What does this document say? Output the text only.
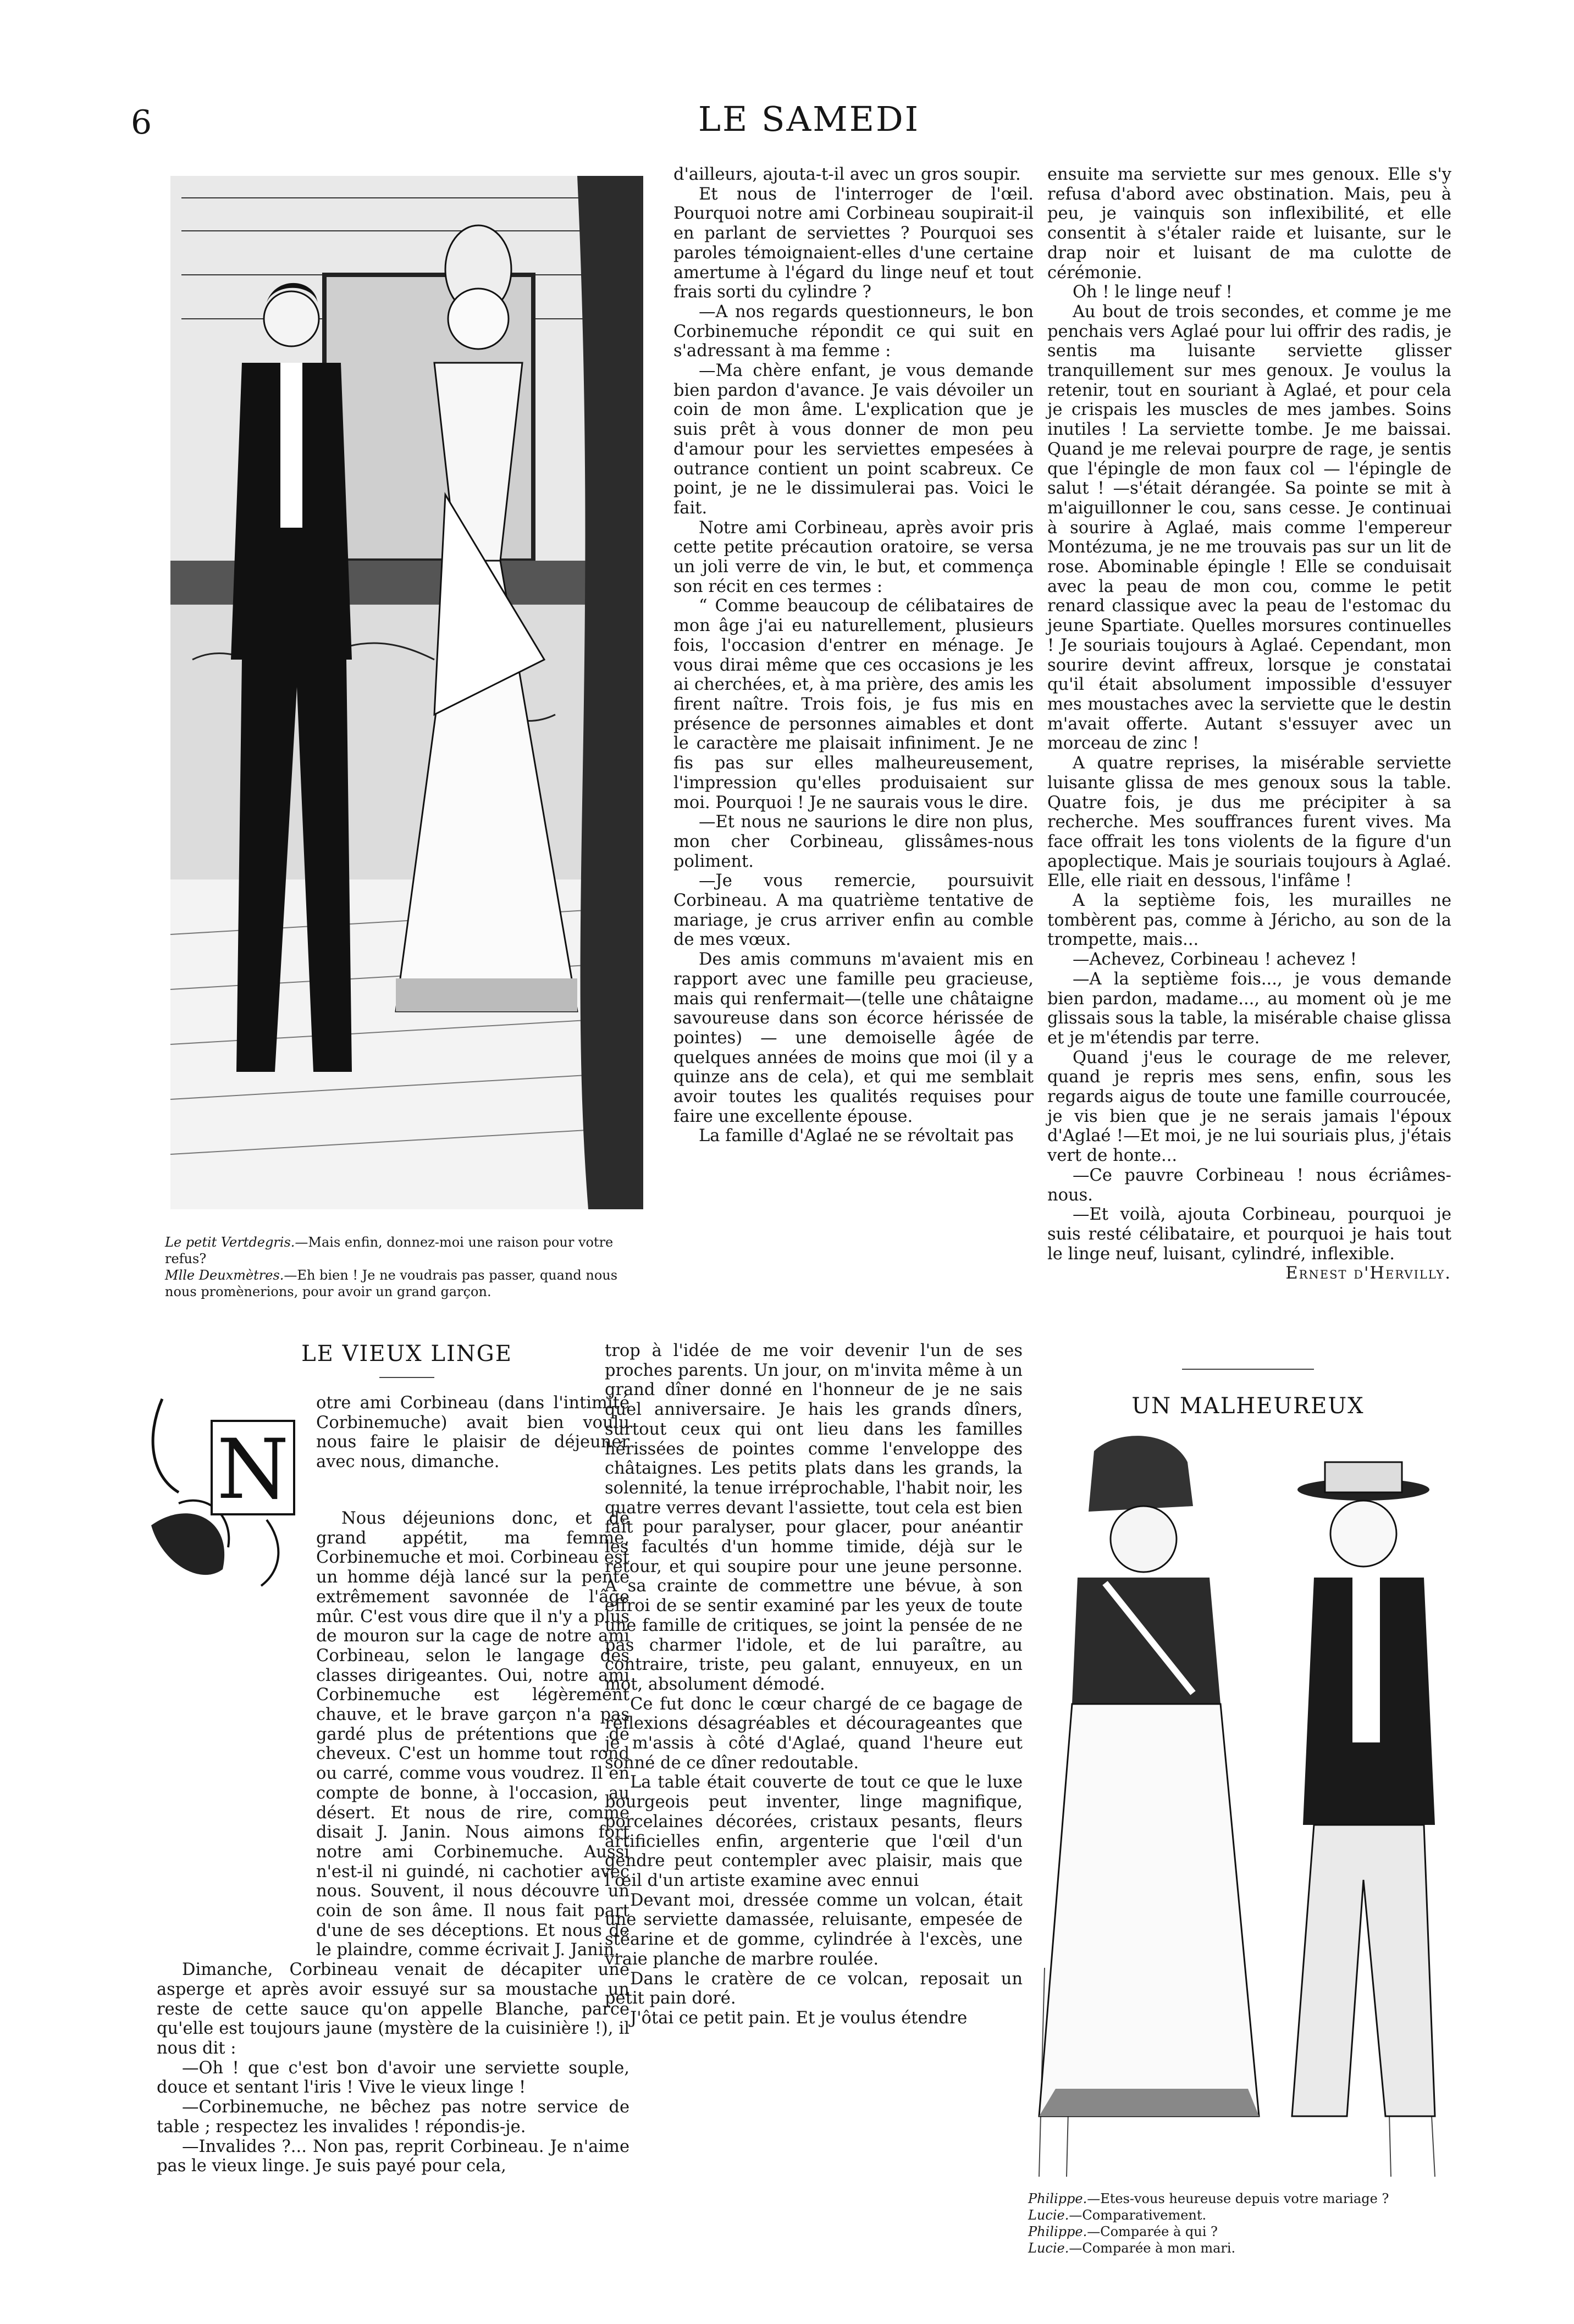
6	LE SAMEDI
Le petit Vertdegris.—Mais enfin, donnez-moi une raison pour votre refus?
Mlle Deuxmètres.—Eh bien ! Je ne voudrais pas passer, quand nous nous promènerions, pour avoir un grand garçon.
LE VIEUX LINGE
N

otre ami Corbineau (dans l'intimité Corbinemuche) avait bien voulu nous faire le plaisir de déjeuner avec nous, dimanche.

Nous déjeunions donc, et de grand appétit, ma femme, Corbinemuche et moi. Corbineau est un homme déjà lancé sur la pente extrêmement savonnée de l'âge mûr. C'est vous dire que il n'y a plus de mouron sur la cage de notre ami Corbineau, selon le langage des classes dirigeantes. Oui, notre ami Corbinemuche est légèrement chauve, et le brave garçon n'a pas gardé plus de prétentions que de cheveux. C'est un homme tout rond ou carré, comme vous voudrez. Il en compte de bonne, à l'occasion, au désert. Et nous de rire, comme disait J. Janin. Nous aimons fort notre ami Corbinemuche. Aussi n'est-il ni guindé, ni cachotier avec nous. Souvent, il nous découvre un coin de son âme. Il nous fait part d'une de ses déceptions. Et nous de le plaindre, comme écrivait J. Janin.

Dimanche, Corbineau venait de décapiter une asperge et après avoir essuyé sur sa moustache un reste de cette sauce qu'on appelle Blanche, parce qu'elle est toujours jaune (mystère de la cuisinière !), il nous dit :

—Oh ! que c'est bon d'avoir une serviette souple, douce et sentant l'iris ! Vive le vieux linge !

—Corbinemuche, ne bêchez pas notre service de table ; respectez les invalides ! répondis-je.

—Invalides ?... Non pas, reprit Corbineau. Je n'aime pas le vieux linge. Je suis payé pour cela,

d'ailleurs, ajouta-t-il avec un gros soupir.

Et nous de l'interroger de l'œil. Pourquoi notre ami Corbineau soupirait-il en parlant de serviettes ? Pourquoi ses paroles témoignaient-elles d'une certaine amertume à l'égard du linge neuf et tout frais sorti du cylindre ?

—A nos regards questionneurs, le bon Corbinemuche répondit ce qui suit en s'adressant à ma femme :

—Ma chère enfant, je vous demande bien pardon d'avance. Je vais dévoiler un coin de mon âme. L'explication que je suis prêt à vous donner de mon peu d'amour pour les serviettes empesées à outrance contient un point scabreux. Ce point, je ne le dissimulerai pas. Voici le fait.

Notre ami Corbineau, après avoir pris cette petite précaution oratoire, se versa un joli verre de vin, le but, et commença son récit en ces termes :

“ Comme beaucoup de célibataires de mon âge j'ai eu naturellement, plusieurs fois, l'occasion d'entrer en ménage. Je vous dirai même que ces occasions je les ai cherchées, et, à ma prière, des amis les firent naître. Trois fois, je fus mis en présence de personnes aimables et dont le caractère me plaisait infiniment. Je ne fis pas sur elles malheureusement, l'impression qu'elles produisaient sur moi. Pourquoi ! Je ne saurais vous le dire.

—Et nous ne saurions le dire non plus, mon cher Corbineau, glissâmes-nous poliment.

—Je vous remercie, poursuivit Corbineau. A ma quatrième tentative de mariage, je crus arriver enfin au comble de mes vœux.

Des amis communs m'avaient mis en rapport avec une famille peu gracieuse, mais qui renfermait—(telle une châtaigne savoureuse dans son écorce hérissée de pointes) — une demoiselle âgée de quelques années de moins que moi (il y a quinze ans de cela), et qui me semblait avoir toutes les qualités requises pour faire une excellente épouse.

La famille d'Aglaé ne se révoltait pas

trop à l'idée de me voir devenir l'un de ses proches parents. Un jour, on m'invita même à un grand dîner donné en l'honneur de je ne sais quel anniversaire. Je hais les grands dîners, surtout ceux qui ont lieu dans les familles hérissées de pointes comme l'enveloppe des châtaignes. Les petits plats dans les grands, la solennité, la tenue irréprochable, l'habit noir, les quatre verres devant l'assiette, tout cela est bien fait pour paralyser, pour glacer, pour anéantir les facultés d'un homme timide, déjà sur le retour, et qui soupire pour une jeune personne. A sa crainte de commettre une bévue, à son effroi de se sentir examiné par les yeux de toute une famille de critiques, se joint la pensée de ne pas charmer l'idole, et de lui paraître, au contraire, triste, peu galant, ennuyeux, en un mot, absolument démodé.

Ce fut donc le cœur chargé de ce bagage de réflexions désagréables et décourageantes que je m'assis à côté d'Aglaé, quand l'heure eut sonné de ce dîner redoutable.

La table était couverte de tout ce que le luxe bourgeois peut inventer, linge magnifique, porcelaines décorées, cristaux pesants, fleurs artificielles enfin, argenterie que l'œil d'un gendre peut contempler avec plaisir, mais que l'œil d'un artiste examine avec ennui

Devant moi, dressée comme un volcan, était une serviette damassée, reluisante, empesée de stéarine et de gomme, cylindrée à l'excès, une vraie planche de marbre roulée.

Dans le cratère de ce volcan, reposait un petit pain doré.

J'ôtai ce petit pain. Et je voulus étendre

ensuite ma serviette sur mes genoux. Elle s'y refusa d'abord avec obstination. Mais, peu à peu, je vainquis son inflexibilité, et elle consentit à s'étaler raide et luisante, sur le drap noir et luisant de ma culotte de cérémonie.

Oh ! le linge neuf !

Au bout de trois secondes, et comme je me penchais vers Aglaé pour lui offrir des radis, je sentis ma luisante serviette glisser tranquillement sur mes genoux. Je voulus la retenir, tout en souriant à Aglaé, et pour cela je crispais les muscles de mes jambes. Soins inutiles ! La serviette tombe. Je me baissai. Quand je me relevai pourpre de rage, je sentis que l'épingle de mon faux col — l'épingle de salut ! —s'était dérangée. Sa pointe se mit à m'aiguillonner le cou, sans cesse. Je continuai à sourire à Aglaé, mais comme l'empereur Montézuma, je ne me trouvais pas sur un lit de rose. Abominable épingle ! Elle se conduisait avec la peau de mon cou, comme le petit renard classique avec la peau de l'estomac du jeune Spartiate. Quelles morsures continuelles ! Je souriais toujours à Aglaé. Cependant, mon sourire devint affreux, lorsque je constatai qu'il était absolument impossible d'essuyer mes moustaches avec la serviette que le destin m'avait offerte. Autant s'essuyer avec un morceau de zinc !

A quatre reprises, la misérable serviette luisante glissa de mes genoux sous la table. Quatre fois, je dus me précipiter à sa recherche. Mes souffrances furent vives. Ma face offrait les tons violents de la figure d'un apoplectique. Mais je souriais toujours à Aglaé. Elle, elle riait en dessous, l'infâme !

A la septième fois, les murailles ne tombèrent pas, comme à Jéricho, au son de la trompette, mais...

—Achevez, Corbineau ! achevez !

—A la septième fois..., je vous demande bien pardon, madame..., au moment où je me glissais sous la table, la misérable chaise glissa et je m'étendis par terre.

Quand j'eus le courage de me relever, quand je repris mes sens, enfin, sous les regards aigus de toute une famille courroucée, je vis bien que je ne serais jamais l'époux d'Aglaé !—Et moi, je ne lui souriais plus, j'étais vert de honte...

—Ce pauvre Corbineau ! nous écriâmes-nous.

—Et voilà, ajouta Corbineau, pourquoi je suis resté célibataire, et pourquoi je hais tout le linge neuf, luisant, cylindré, inflexible.

Ernest d'Hervilly.

UN MALHEUREUX
Philippe.—Etes-vous heureuse depuis votre mariage ?
Lucie.—Comparativement.
Philippe.—Comparée à qui ?
Lucie.—Comparée à mon mari.
